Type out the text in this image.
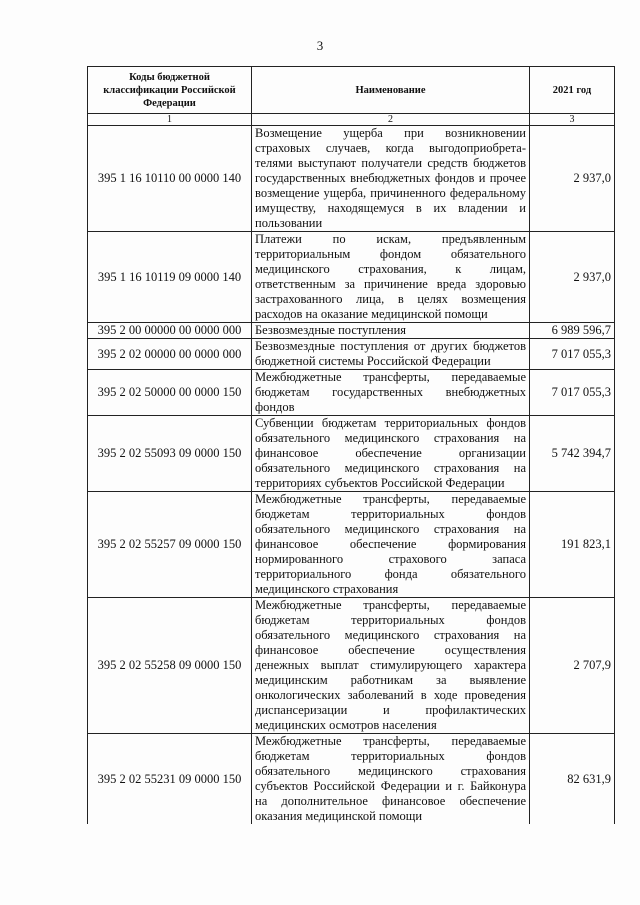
3
Коды бюджетной классификации Российской Федерации	Наименование	2021 год
1	2	3
395 1 16 10110 00 0000 140	Возмещение ущерба при возникновении страховых случаев, когда выгодоприобрета-телями выступают получатели средств бюджетов государственных внебюджетных фондов и прочее возмещение ущерба, причиненного федеральному имуществу, находящемуся в их владении и пользовании	2 937,0
395 1 16 10119 09 0000 140	Платежи по искам, предъявленным территориальным фондом обязательного медицинского страхования, к лицам, ответственным за причинение вреда здоровью застрахованного лица, в целях возмещения расходов на оказание медицинской помощи	2 937,0
395 2 00 00000 00 0000 000	Безвозмездные поступления	6 989 596,7
395 2 02 00000 00 0000 000	Безвозмездные поступления от других бюджетов бюджетной системы Российской Федерации	7 017 055,3
395 2 02 50000 00 0000 150	Межбюджетные трансферты, передаваемые бюджетам государственных внебюджетных фондов	7 017 055,3
395 2 02 55093 09 0000 150	Субвенции бюджетам территориальных фондов обязательного медицинского страхования на финансовое обеспечение организации обязательного медицинского страхования на территориях субъектов Российской Федерации	5 742 394,7
395 2 02 55257 09 0000 150	Межбюджетные трансферты, передаваемые бюджетам территориальных фондов обязательного медицинского страхования на финансовое обеспечение формирования нормированного страхового запаса территориального фонда обязательного медицинского страхования	191 823,1
395 2 02 55258 09 0000 150	Межбюджетные трансферты, передаваемые бюджетам территориальных фондов обязательного медицинского страхования на финансовое обеспечение осуществления денежных выплат стимулирующего характера медицинским работникам за выявление онкологических заболеваний в ходе проведения диспансеризации и профилактических медицинских осмотров населения	2 707,9
395 2 02 55231 09 0000 150	Межбюджетные трансферты, передаваемые бюджетам территориальных фондов обязательного медицинского страхования субъектов Российской Федерации и г. Байконура на дополнительное финансовое обеспечение оказания медицинской помощи	82 631,9
